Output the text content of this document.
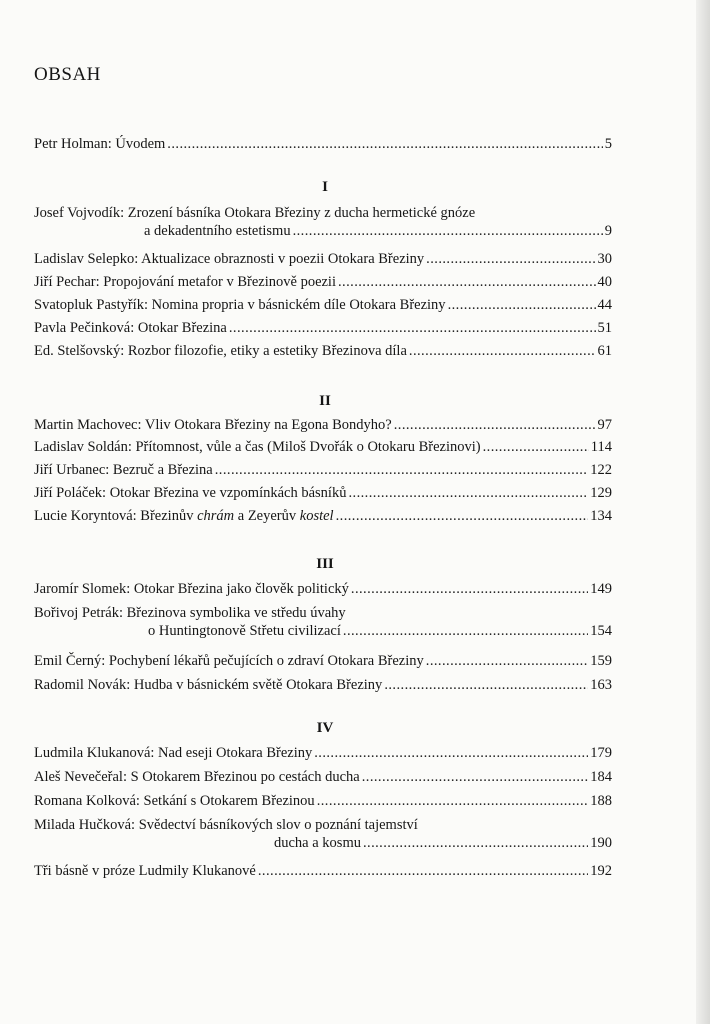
OBSAH
Petr Holman: Úvodem . . .	5
I
Josef Vojvodík: Zrození básníka Otokara Březiny z ducha hermetické gnóze
a dekadentního estetismu . . .	9
Ladislav Selepko: Aktualizace obraznosti v poezii Otokara Březiny . . .	30
Jiří Pechar: Propojování metafor v Březinově poezii . . .	40
Svatopluk Pastyřík: Nomina propria v básnickém díle Otokara Březiny . . .	44
Pavla Pečinková: Otokar Březina . . .	51
Ed. Stelšovský: Rozbor filozofie, etiky a estetiky Březinova díla . . .	61
II
Martin Machovec: Vliv Otokara Březiny na Egona Bondyho? . . .	97
Ladislav Soldán: Přítomnost, vůle a čas (Miloš Dvořák o Otokaru Březinovi) . . .	114
Jiří Urbanec: Bezruč a Březina . . .	122
Jiří Poláček: Otokar Březina ve vzpomínkách básníků . . .	129
Lucie Koryntová: Březinův chrám a Zeyerův kostel . . .	134
III
Jaromír Slomek: Otokar Březina jako člověk politický . . .	149
Bořivoj Petrák: Březinova symbolika ve středu úvahy
o Huntingtonově Střetu civilizací . . .	154
Emil Černý: Pochybení lékařů pečujících o zdraví Otokara Březiny . . .	159
Radomil Novák: Hudba v básnickém světě Otokara Březiny . . .	163
IV
Ludmila Klukanová: Nad eseji Otokara Březiny . . .	179
Aleš Nevečeřal: S Otokarem Březinou po cestách ducha . . .	184
Romana Kolková: Setkání s Otokarem Březinou . . .	188
Milada Hučková: Svědectví básníkových slov o poznání tajemství
ducha a kosmu . . .	190
Tři básně v próze Ludmily Klukanové . . .	192
